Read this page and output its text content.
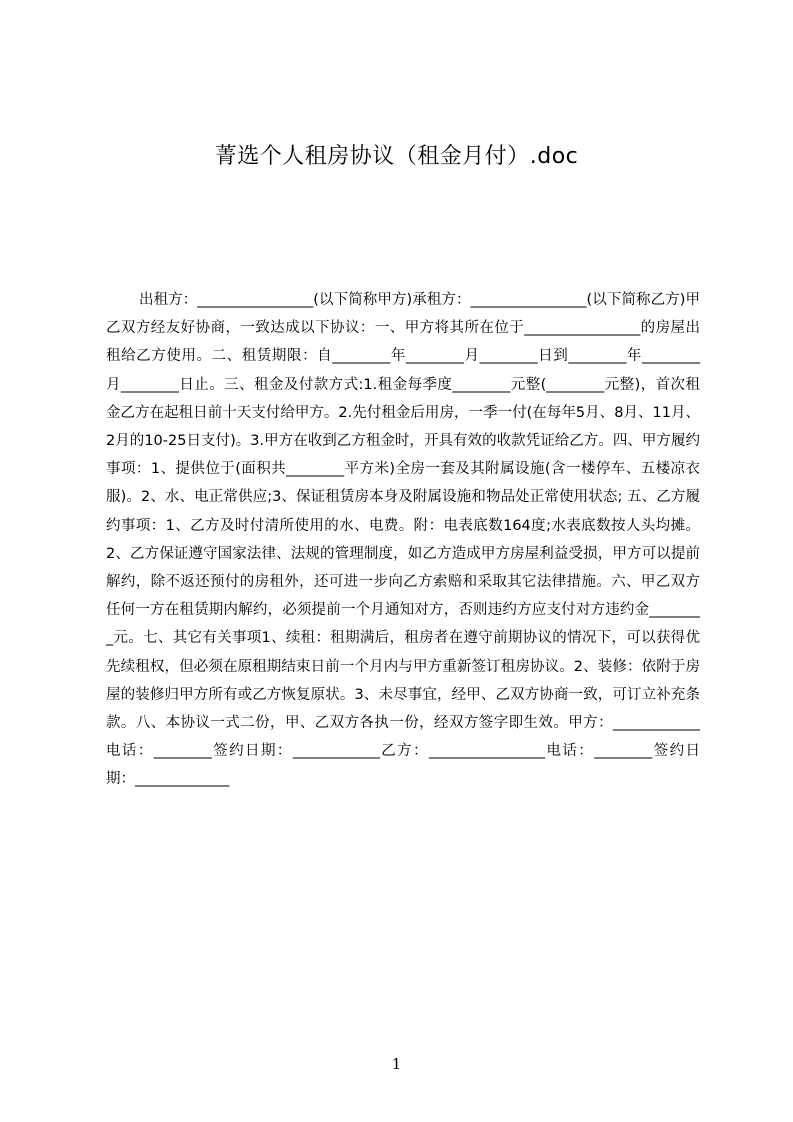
菁选个人租房协议（租金月付）.doc

出租方：________________(以下简称甲方)承租方：________________(以下简称乙方)甲乙双方经友好协商，一致达成以下协议：一、甲方将其所在位于________________的房屋出租给乙方使用。二、租赁期限：自________年________月________日到________年________月________日止。三、租金及付款方式:1.租金每季度________元整(________元整)，首次租金乙方在起租日前十天支付给甲方。2.先付租金后用房，一季一付(在每年5月、8月、11月、2月的10-25日支付)。3.甲方在收到乙方租金时，开具有效的收款凭证给乙方。四、甲方履约事项：1、提供位于(面积共________平方米)全房一套及其附属设施(含一楼停车、五楼凉衣服)。2、水、电正常供应;3、保证租赁房本身及附属设施和物品处正常使用状态; 五、乙方履约事项：1、乙方及时付清所使用的水、电费。附：电表底数164度;水表底数按人头均摊。2、乙方保证遵守国家法律、法规的管理制度，如乙方造成甲方房屋利益受损，甲方可以提前解约，除不返还预付的房租外，还可进一步向乙方索赔和采取其它法律措施。六、甲乙双方任何一方在租赁期内解约，必须提前一个月通知对方，否则违约方应支付对方违约金________元。七、其它有关事项1、续租：租期满后，租房者在遵守前期协议的情况下，可以获得优先续租权，但必须在原租期结束日前一个月内与甲方重新签订租房协议。2、装修：依附于房屋的装修归甲方所有或乙方恢复原状。3、未尽事宜，经甲、乙双方协商一致，可订立补充条款。八、本协议一式二份，甲、乙双方各执一份，经双方签字即生效。甲方：____________电话：________签约日期：____________乙方：________________电话：________签约日期：_____________

1
